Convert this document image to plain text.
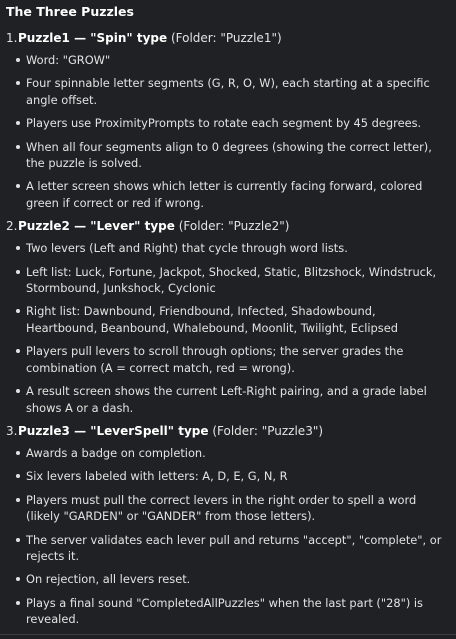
The Three Puzzles
1. Puzzle1 — "Spin" type (Folder: "Puzzle1")
Word: "GROW"
Four spinnable letter segments (G, R, O, W), each starting at a specific angle offset.
Players use ProximityPrompts to rotate each segment by 45 degrees.
When all four segments align to 0 degrees (showing the correct letter), the puzzle is solved.
A letter screen shows which letter is currently facing forward, colored green if correct or red if wrong.
2. Puzzle2 — "Lever" type (Folder: "Puzzle2")
Two levers (Left and Right) that cycle through word lists.
Left list: Luck, Fortune, Jackpot, Shocked, Static, Blitzshock, Windstruck, Stormbound, Junkshock, Cyclonic
Right list: Dawnbound, Friendbound, Infected, Shadowbound, Heartbound, Beanbound, Whalebound, Moonlit, Twilight, Eclipsed
Players pull levers to scroll through options; the server grades the combination (A = correct match, red = wrong).
A result screen shows the current Left-Right pairing, and a grade label shows A or a dash.
3. Puzzle3 — "LeverSpell" type (Folder: "Puzzle3")
Awards a badge on completion.
Six levers labeled with letters: A, D, E, G, N, R
Players must pull the correct levers in the right order to spell a word (likely "GARDEN" or "GANDER" from those letters).
The server validates each lever pull and returns "accept", "complete", or rejects it.
On rejection, all levers reset.
Plays a final sound "CompletedAllPuzzles" when the last part ("28") is revealed.
